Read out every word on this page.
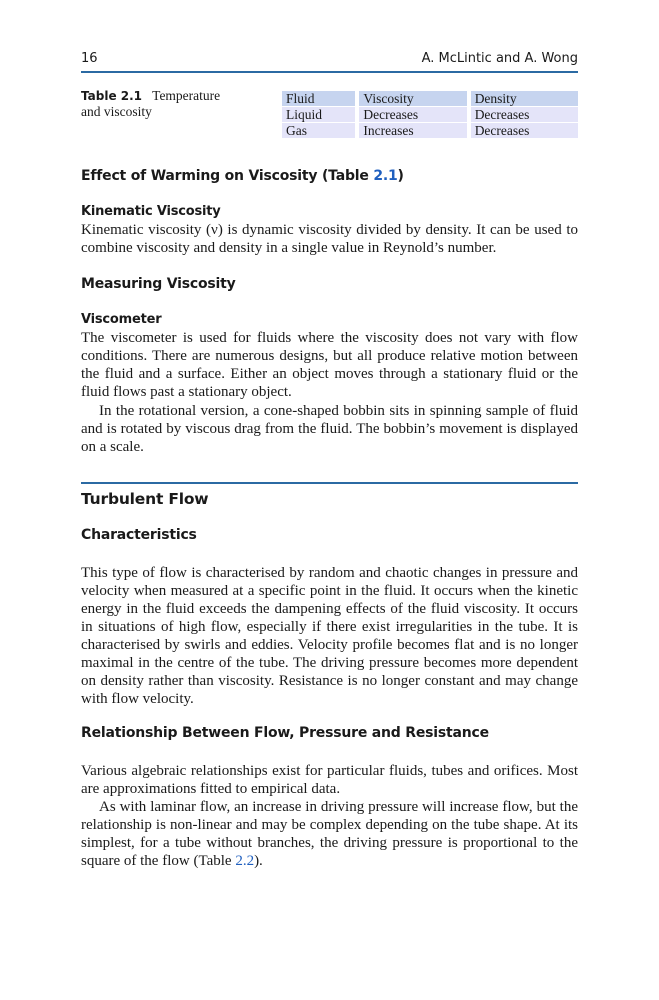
16	A. McLintic and A. Wong
Table 2.1 Temperature and viscosity
Fluid	Viscosity	Density
Liquid	Decreases	Decreases
Gas	Increases	Decreases
Effect of Warming on Viscosity (Table 2.1)
Kinematic Viscosity

Kinematic viscosity (ν) is dynamic viscosity divided by density. It can be used to combine viscosity and density in a single value in Reynold’s number.

Measuring Viscosity
Viscometer

The viscometer is used for fluids where the viscosity does not vary with flow conditions. There are numerous designs, but all produce relative motion between the fluid and a surface. Either an object moves through a stationary fluid or the fluid flows past a stationary object.

In the rotational version, a cone-shaped bobbin sits in spinning sample of fluid and is rotated by viscous drag from the fluid. The bobbin’s movement is displayed on a scale.

Turbulent Flow
Characteristics

This type of flow is characterised by random and chaotic changes in pressure and velocity when measured at a specific point in the fluid. It occurs when the kinetic energy in the fluid exceeds the dampening effects of the fluid viscosity. It occurs in situations of high flow, especially if there exist irregularities in the tube. It is characterised by swirls and eddies. Velocity profile becomes flat and is no longer maximal in the centre of the tube. The driving pressure becomes more dependent on density rather than viscosity. Resistance is no longer constant and may change with flow velocity.

Relationship Between Flow, Pressure and Resistance

Various algebraic relationships exist for particular fluids, tubes and orifices. Most are approximations fitted to empirical data.

As with laminar flow, an increase in driving pressure will increase flow, but the relationship is non-linear and may be complex depending on the tube shape. At its simplest, for a tube without branches, the driving pressure is proportional to the square of the flow (Table 2.2).
